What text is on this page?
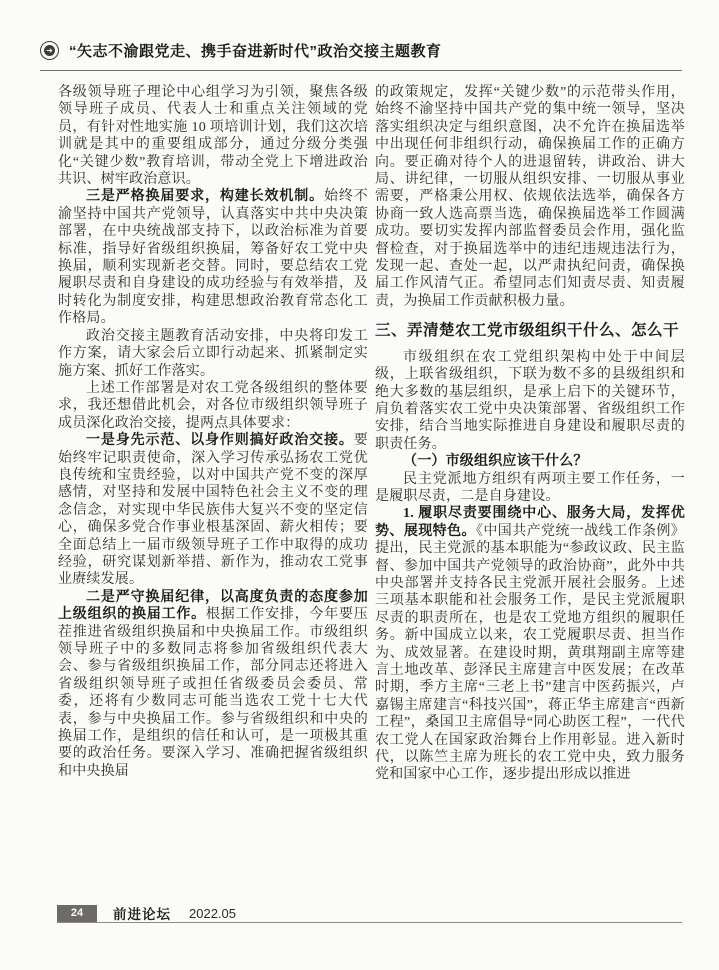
➔ “矢志不渝跟党走、携手奋进新时代”政治交接主题教育

各级领导班子理论中心组学习为引领，聚焦各级领导班子成员、代表人士和重点关注领域的党员，有针对性地实施 10 项培训计划，我们这次培训就是其中的重要组成部分，通过分级分类强化“关键少数”教育培训，带动全党上下增进政治共识、树牢政治意识。

三是严格换届要求，构建长效机制。始终不渝坚持中国共产党领导，认真落实中共中央决策部署，在中央统战部支持下，以政治标准为首要标准，指导好省级组织换届，筹备好农工党中央换届，顺利实现新老交替。同时，要总结农工党履职尽责和自身建设的成功经验与有效举措，及时转化为制度安排，构建思想政治教育常态化工作格局。

政治交接主题教育活动安排，中央将印发工作方案，请大家会后立即行动起来、抓紧制定实施方案、抓好工作落实。

上述工作部署是对农工党各级组织的整体要求，我还想借此机会，对各位市级组织领导班子成员深化政治交接，提两点具体要求：

一是身先示范、以身作则搞好政治交接。要始终牢记职责使命，深入学习传承弘扬农工党优良传统和宝贵经验，以对中国共产党不变的深厚感情，对坚持和发展中国特色社会主义不变的理念信念，对实现中华民族伟大复兴不变的坚定信心，确保多党合作事业根基深固、薪火相传；要全面总结上一届市级领导班子工作中取得的成功经验，研究谋划新举措、新作为，推动农工党事业赓续发展。

二是严守换届纪律，以高度负责的态度参加上级组织的换届工作。根据工作安排，今年要压茬推进省级组织换届和中央换届工作。市级组织领导班子中的多数同志将参加省级组织代表大会、参与省级组织换届工作，部分同志还将进入省级组织领导班子或担任省级委员会委员、常委，还将有少数同志可能当选农工党十七大代表，参与中央换届工作。参与省级组织和中央的换届工作，是组织的信任和认可，是一项极其重要的政治任务。要深入学习、准确把握省级组织和中央换届

的政策规定，发挥“关键少数”的示范带头作用，始终不渝坚持中国共产党的集中统一领导，坚决落实组织决定与组织意图，决不允许在换届选举中出现任何非组织行动，确保换届工作的正确方向。要正确对待个人的进退留转，讲政治、讲大局、讲纪律，一切服从组织安排、一切服从事业需要，严格秉公用权、依规依法选举，确保各方协商一致人选高票当选，确保换届选举工作圆满成功。要切实发挥内部监督委员会作用，强化监督检查，对于换届选举中的违纪违规违法行为，发现一起、查处一起，以严肃执纪问责，确保换届工作风清气正。希望同志们知责尽责、知责履责，为换届工作贡献积极力量。

三、弄清楚农工党市级组织干什么、怎么干

市级组织在农工党组织架构中处于中间层级，上联省级组织，下联为数不多的县级组织和绝大多数的基层组织，是承上启下的关键环节，肩负着落实农工党中央决策部署、省级组织工作安排，结合当地实际推进自身建设和履职尽责的职责任务。

（一）市级组织应该干什么？

民主党派地方组织有两项主要工作任务，一是履职尽责，二是自身建设。

1. 履职尽责要围绕中心、服务大局，发挥优势、展现特色。《中国共产党统一战线工作条例》提出，民主党派的基本职能为“参政议政、民主监督、参加中国共产党领导的政治协商”，此外中共中央部署并支持各民主党派开展社会服务。上述三项基本职能和社会服务工作，是民主党派履职尽责的职责所在，也是农工党地方组织的履职任务。新中国成立以来，农工党履职尽责、担当作为、成效显著。在建设时期，黄琪翔副主席等建言土地改革、彭泽民主席建言中医发展；在改革时期，季方主席“三老上书”建言中医药振兴，卢嘉锡主席建言“科技兴国”，蒋正华主席建言“西新工程”，桑国卫主席倡导“同心助医工程”，一代代农工党人在国家政治舞台上作用彰显。进入新时代，以陈竺主席为班长的农工党中央，致力服务党和国家中心工作，逐步提出形成以推进

24	前进论坛 2022.05
